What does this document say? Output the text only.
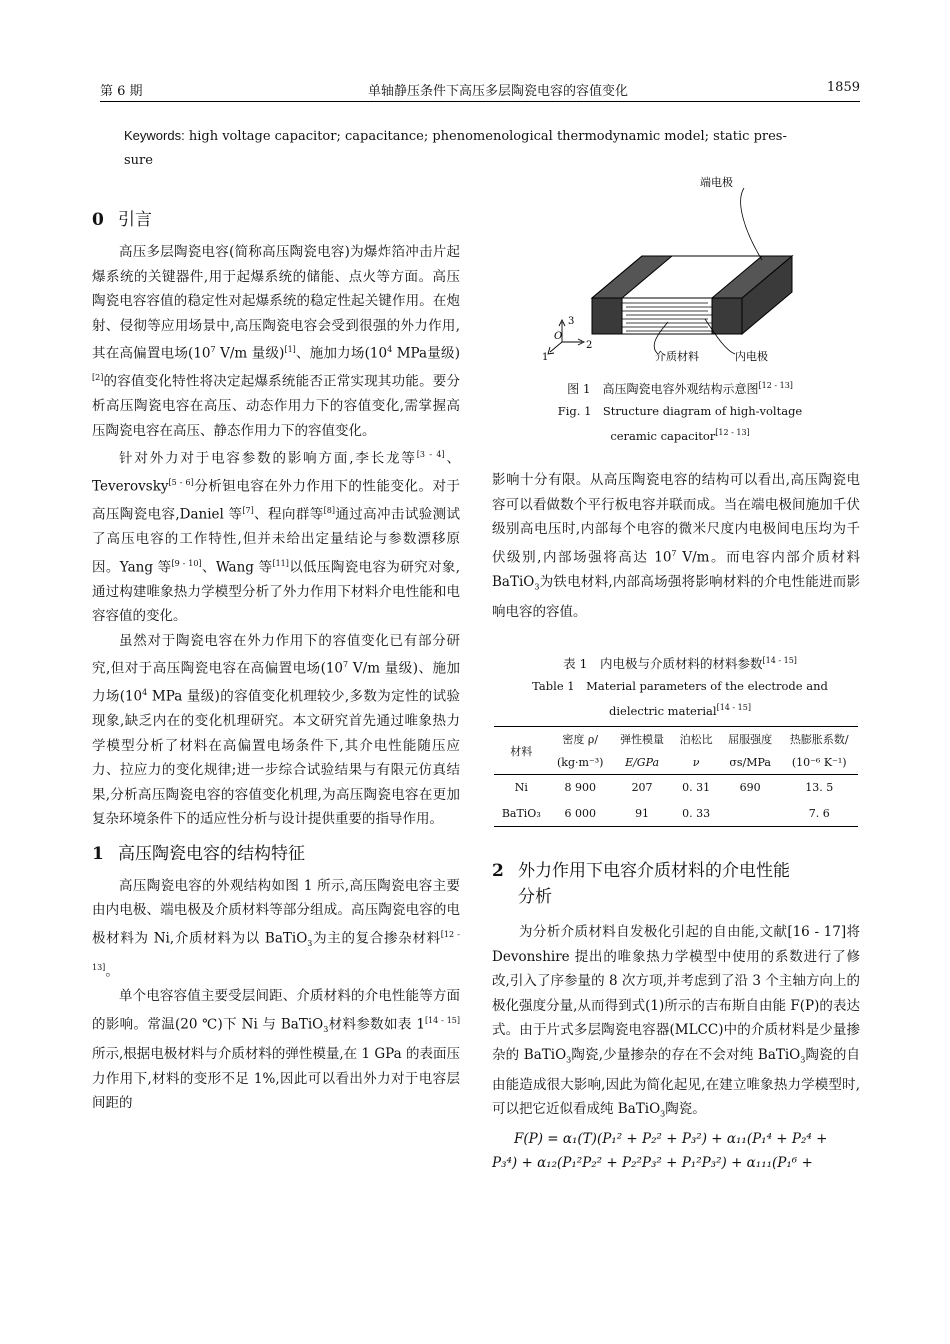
第 6 期	单轴静压条件下高压多层陶瓷电容的容值变化	1859
Keywords: high voltage capacitor; capacitance; phenomenological thermodynamic model; static pres-
sure
0 引言

高压多层陶瓷电容(简称高压陶瓷电容)为爆炸箔冲击片起爆系统的关键器件,用于起爆系统的储能、点火等方面。高压陶瓷电容容值的稳定性对起爆系统的稳定性起关键作用。在炮射、侵彻等应用场景中,高压陶瓷电容会受到很强的外力作用,其在高偏置电场($10^7$ V/m 量级)[1]、施加力场($10^4$ MPa量级)[2]的容值变化特性将决定起爆系统能否正常实现其功能。要分析高压陶瓷电容在高压、动态作用力下的容值变化,需掌握高压陶瓷电容在高压、静态作用力下的容值变化。

针对外力对于电容参数的影响方面,李长龙等[3 - 4]、Teverovsky[5 - 6]分析钽电容在外力作用下的性能变化。对于高压陶瓷电容,Daniel 等[7]、程向群等[8]通过高冲击试验测试了高压电容的工作特性,但并未给出定量结论与参数漂移原因。Yang 等[9 - 10]、Wang 等[11]以低压陶瓷电容为研究对象,通过构建唯象热力学模型分析了外力作用下材料介电性能和电容容值的变化。

虽然对于陶瓷电容在外力作用下的容值变化已有部分研究,但对于高压陶瓷电容在高偏置电场($10^7$ V/m 量级)、施加力场($10^4$ MPa 量级)的容值变化机理较少,多数为定性的试验现象,缺乏内在的变化机理研究。本文研究首先通过唯象热力学模型分析了材料在高偏置电场条件下,其介电性能随压应力、拉应力的变化规律;进一步综合试验结果与有限元仿真结果,分析高压陶瓷电容的容值变化机理,为高压陶瓷电容在更加复杂环境条件下的适应性分析与设计提供重要的指导作用。

1 高压陶瓷电容的结构特征

高压陶瓷电容的外观结构如图 1 所示,高压陶瓷电容主要由内电极、端电极及介质材料等部分组成。高压陶瓷电容的电极材料为 Ni,介质材料为以 BaTiO$_3$为主的复合掺杂材料[12 - 13]。

单个电容容值主要受层间距、介质材料的介电性能等方面的影响。常温(20 ℃)下 Ni 与 BaTiO$_3$材料参数如表 1[14 - 15]所示,根据电极材料与介质材料的弹性模量,在 1 GPa 的表面压力作用下,材料的变形不足 1%,因此可以看出外力对于电容层间距的

端电极
介质材料	内电极
O
3
2
1
图 1　高压陶瓷电容外观结构示意图[12 - 13]
Fig. 1　Structure diagram of high-voltage
ceramic capacitor[12 - 13]

影响十分有限。从高压陶瓷电容的结构可以看出,高压陶瓷电容可以看做数个平行板电容并联而成。当在端电极间施加千伏级别高电压时,内部每个电容的微米尺度内电极间电压均为千伏级别,内部场强将高达 $10^7$ V/m。而电容内部介质材料 BaTiO$_3$为铁电材料,内部高场强将影响材料的介电性能进而影响电容的容值。

表 1　内电极与介质材料的材料参数[14 - 15]
Table 1　Material parameters of the electrode and
dielectric material[14 - 15]
材料	密度 ρ/	弹性模量	泊松比	屈服强度	热膨胀系数/
	(kg·m⁻³)	E/GPa	ν	σs/MPa	(10⁻⁶ K⁻¹)
Ni	8 900	207	0. 31	690	13. 5
BaTiO₃	6 000	91	0. 33		7. 6
2 外力作用下电容介质材料的介电性能
分析

为分析介质材料自发极化引起的自由能,文献[16 - 17]将 Devonshire 提出的唯象热力学模型中使用的系数进行了修改,引入了序参量的 8 次方项,并考虑到了沿 3 个主轴方向上的极化强度分量,从而得到式(1)所示的吉布斯自由能 F(P)的表达式。由于片式多层陶瓷电容器(MLCC)中的介质材料是少量掺杂的 BaTiO$_3$陶瓷,少量掺杂的存在不会对纯 BaTiO$_3$陶瓷的自由能造成很大影响,因此为简化起见,在建立唯象热力学模型时,可以把它近似看成纯 BaTiO$_3$陶瓷。

F(P) = α₁(T)(P₁² + P₂² + P₃²) + α₁₁(P₁⁴ + P₂⁴ +
P₃⁴) + α₁₂(P₁²P₂² + P₂²P₃² + P₁²P₃²) + α₁₁₁(P₁⁶ +
